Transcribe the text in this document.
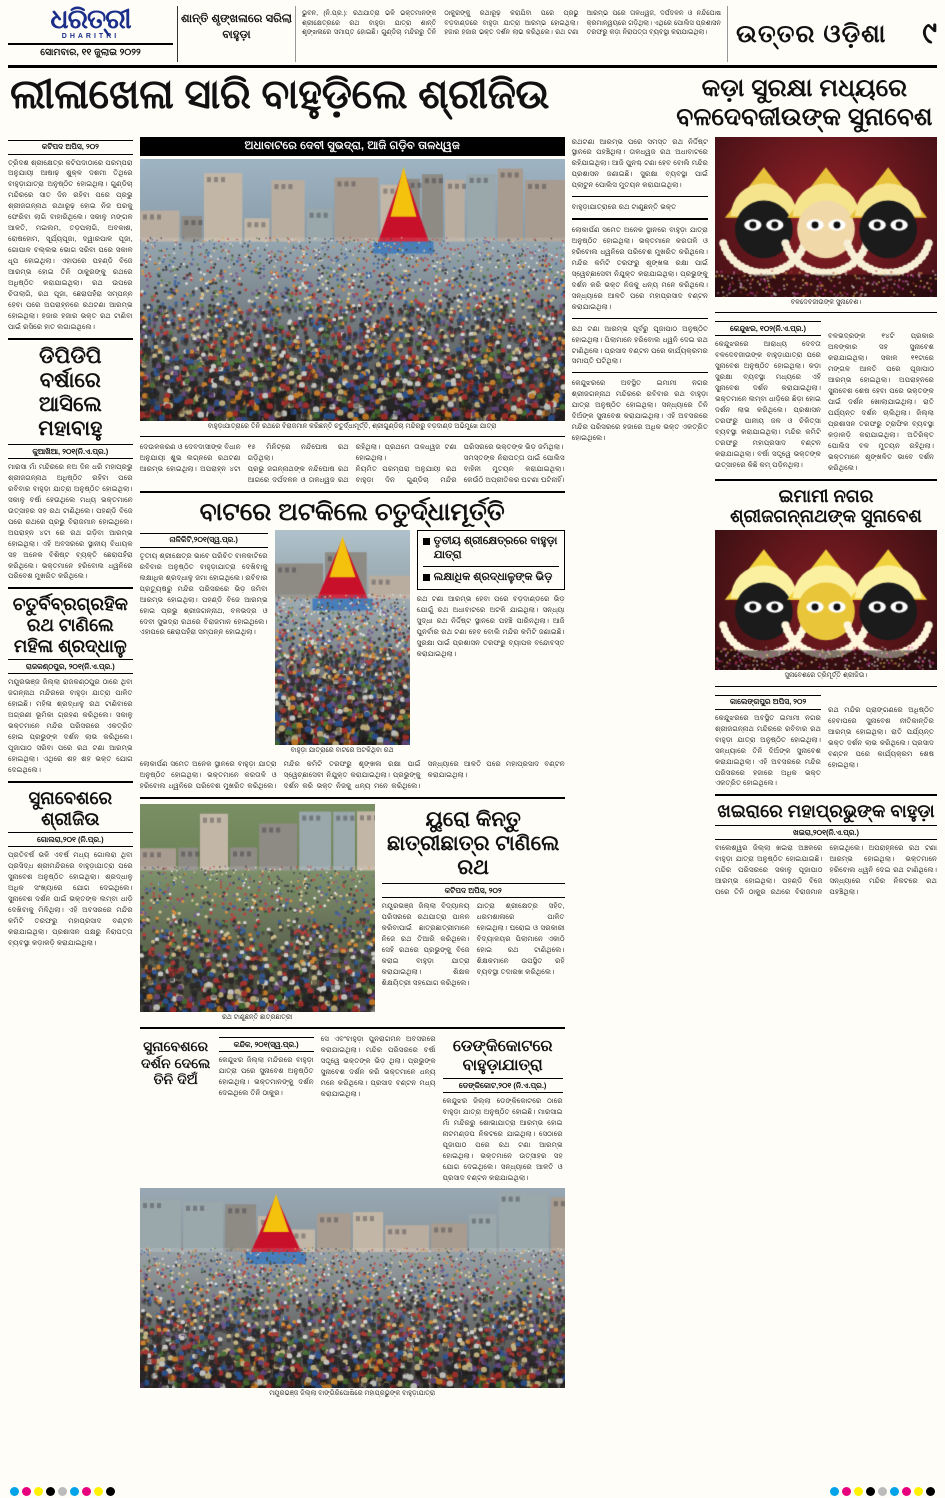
ଧରିତ୍ରୀ
DHARITRI
ସୋମବାର, ୧୧ ଜୁଲାଇ ୨୦୨୨
ଶାନ୍ତି ଶୃଙ୍ଖଳାରେ ସରିଲା ବାହୁଡ଼ା
ଭୁବନ, (ନି.ପ୍ର.): ରଥଯାତ୍ରା ଭଳି ଭକ୍ତମାନଙ୍କ ଶ୍ରୀକ୍ଷେତ୍ରରେ ରଥ ବାହୁଡ଼ା ଯାତ୍ରା ଶାନ୍ତି ଶୃଙ୍ଖଳାରେ ସମାପ୍ତ ହୋଇଛି। ଗୁଣ୍ଡିଚା ମନ୍ଦିରରୁ ତିନି ଠାକୁରଙ୍କୁ ରଥାରୂଢ଼ କରାଯିବା ପରେ ପ୍ରଭୁ ବଡ଼ଦାଣ୍ଡରେ ବାହୁଡ଼ା ଯାତ୍ରା ଆରମ୍ଭ ହୋଇଥିଲା। ହଜାର ହଜାର ଭକ୍ତ ଦର୍ଶନ ଲାଭ କରିଥିଲେ। ରଥ ଟଣା ଆରମ୍ଭ ପରେ ତାଳଧ୍ୱଜ, ଦର୍ପଦଳନ ଓ ନନ୍ଦିଘୋଷ କ୍ରମାନ୍ୱୟରେ ଗଡ଼ିଥିଲା। ଏଥିରେ ପୋଲିସ ପ୍ରଶାସନ ତରଫରୁ କଡ଼ା ନିରାପତ୍ତା ବ୍ୟବସ୍ଥା କରାଯାଇଥିଲା।	ଉତ୍ତର ଓଡ଼ିଶା ୯
ଲୀଳାଖେଳା ସାରି ବାହୁଡ଼ିଲେ ଶ୍ରୀଜିଉ	କଡ଼ା ସୁରକ୍ଷା ମଧ୍ୟରେ ବଳଦେବଜୀଉଙ୍କ ସୁନାବେଶ
କଟିପଦ ଅପିସ, ୨୦୨
ତ୍ରିଦଶ ଶ୍ରୀକ୍ଷେତ୍ର କଟିପଦାଠାରେ ପରମ୍ପରା ଅନୁଯାୟୀ ଆଷାଢ଼ ଶୁକ୍ଳ ଦଶମୀ ତିଥିରେ ବାହୁଡ଼ାଯାତ୍ରା ଅନୁଷ୍ଠିତ ହୋଇଥିଲା। ଗୁଣ୍ଡିଚା ମନ୍ଦିରରେ ସାତ ଦିନ ରହିବା ପରେ ପ୍ରଭୁ ଶ୍ରୀଜଗନ୍ନାଥ ରଥାରୂଢ଼ ହୋଇ ନିଜ ଘରକୁ ଫେରିବା ଲାଗି ବାହାରିଥିଲେ। ସକାଳୁ ମଙ୍ଗଳ ଆଳତି, ମଇଲମ, ତଡ଼ପଲାଗି, ଅବକାଶ, ରୋଷହୋମ, ସୂର୍ଯ୍ୟପୂଜା, ଦ୍ୱାରପାଳ ପୂଜା, ଗୋପାଳ ବଲ୍ଲଭ ଭୋଗ ସରିବା ପରେ ସକାଳ ଧୂପ ହୋଇଥିଲା। ଏହାପରେ ପହଣ୍ଡି ବିଜେ ଆରମ୍ଭ ହୋଇ ତିନି ଠାକୁରଙ୍କୁ ରଥରେ ଅଧିଷ୍ଠିତ କରାଯାଇଥିଲା। ରଥ ଉପରେ ଚିତାଲାଗି, ରଥ ପୂଜା, ଛେରାପହଁରା ସମ୍ପନ୍ନ ହେବା ପରେ ଅପରାହ୍ନରେ ରଥଟଣା ଆରମ୍ଭ ହୋଇଥିଲା। ହଜାର ହଜାର ଭକ୍ତ ରଥ ଟାଣିବା ପାଇଁ ରସିରେ ହାତ ଲଗାଇଥିଲେ।
ଡିପିଡିପି ବର୍ଷାରେ ଆସିଲେ ମହାବାହୁ
କୁଆଖିଆ, ୨୦୧(ନି.ଏ.ପ୍ର.)
ମାରସା ମାଁ ମନ୍ଦିରରେ ନଅ ଦିନ ଧରି ମହାପ୍ରଭୁ ଶ୍ରୀଜଗନ୍ନାଥ ଅଧିଷ୍ଠିତ ରହିବା ପରେ ରବିବାର ବାହୁଡ଼ା ଯାତ୍ରା ଅନୁଷ୍ଠିତ ହୋଇଥିଲା। ସକାଳୁ ବର୍ଷା ହେଉଥିଲେ ମଧ୍ୟ ଭକ୍ତମାନେ ଉତ୍ସାହର ସହ ରଥ ଟାଣିଥିଲେ। ପହଣ୍ଡି ବିଜେ ପରେ ରଥରେ ପ୍ରଭୁ ବିରାଜମାନ ହୋଇଥିଲେ। ଅପରାହ୍ନ ୪ଟା ରେ ରଥ ଗଡ଼ିବା ଆରମ୍ଭ ହୋଇଥିଲା। ଏହି ଅବସରରେ ସ୍ଥାନୀୟ ବିଧାୟକ ସହ ଅନେକ ବିଶିଷ୍ଟ ବ୍ୟକ୍ତି ଛେରାପହଁରା କରିଥିଲେ। ଭକ୍ତମାନେ ହରିବୋଲ ଧ୍ୱନିରେ ପରିବେଶ ମୁଖରିତ କରିଥିଲେ।
ଚତୁର୍ବିବ୍ରଗ୍ରହିକ ରଥ ଟାଣିଲେ ମହିଳା ଶ୍ରଦ୍ଧାଳୁ
ରାଜକଣ୍ଠପୁର, ୨୦୧(ନି.ଏ.ପ୍ର.)
ମୟୂରଭଞ୍ଜ ଜିଲ୍ଲା ରାଜକଣ୍ଠପୁର ଠାରେ ଥିବା ଜଗନ୍ନାଥ ମନ୍ଦିରରେ ବାହୁଡ଼ା ଯାତ୍ରା ପାଳିତ ହୋଇଛି। ମହିଳା ଶ୍ରଦ୍ଧାଳୁ ରଥ ଟାଣିବାରେ ଅଗ୍ରଣୀ ଭୂମିକା ଗ୍ରହଣ କରିଥିଲେ। ସକାଳୁ ଭକ୍ତମାନେ ମନ୍ଦିର ପରିସରରେ ଏକତ୍ରିତ ହୋଇ ପ୍ରଭୁଙ୍କ ଦର୍ଶନ ଲାଭ କରିଥିଲେ। ପୂଜାପାଠ ସରିବା ପରେ ରଥ ଟଣା ଆରମ୍ଭ ହୋଇଥିଲା। ଏଥିରେ ଶହ ଶହ ଭକ୍ତ ଯୋଗ ଦେଇଥିଲେ।
ସୁନାବେଶରେ ଶ୍ରୀଜିଉ
ଗୋଲରା,୨୦୧ (ନି.ପ୍ର.)
ପ୍ରତିବର୍ଷ ଭଳି ଏବର୍ଷ ମଧ୍ୟ ଗୋଲରା ଥିବା ପ୍ରସିଦ୍ଧ ଶ୍ରୀମନ୍ଦିରରେ ବାହୁଡ଼ାଯାତ୍ରା ପରେ ସୁନାବେଶ ଅନୁଷ୍ଠିତ ହୋଇଥିଲା। ଶ୍ରଦ୍ଧାଳୁ ଅଧିକ ସଂଖ୍ୟାରେ ଯୋଗ ଦେଇଥିଲେ। ସୁନାବେଶ ଦର୍ଶନ ପାଇଁ ଭକ୍ତଙ୍କ ଲମ୍ବା ଧାଡ଼ି ଦେଖିବାକୁ ମିଳିଥିଲା। ଏହି ଅବସରରେ ମନ୍ଦିର କମିଟି ତରଫରୁ ମହାପ୍ରସାଦ ବଣ୍ଟନ କରାଯାଇଥିଲା। ପ୍ରଶାସନ ପକ୍ଷରୁ ନିରାପତ୍ତା ବ୍ୟବସ୍ଥା କଡ଼ାକଡ଼ି କରାଯାଇଥିଲା।
ଅଧାବାଟରେ ଦେବୀ ସୁଭଦ୍ରା, ଆଜି ଗଡ଼ିବ ତାଳଧ୍ୱଜ
ବାହୁଡ଼ାଯାତ୍ରାରେ ତିନି ରଥରେ ବିରାଜମାନ କରିଛନ୍ତି ଚତୁର୍ଦ୍ଧାମୂର୍ତ୍ତି, ଶ୍ରୀଗୁଣ୍ଡିଚା ମନ୍ଦିରରୁ ବଡ଼ଦାଣ୍ଡ ଅଭିମୁଖେ ଯାତ୍ରା
ଦେଉଳକରଣ ଓ ଦେବଦାସୀଙ୍କ ବିଧାନ ଅନୁଯାୟୀ ଶୁଭ ଲଗ୍ନରେ ରଥଟଣା ଆରମ୍ଭ ହୋଇଥିଲା। ଅପରାହ୍ନ ୪ଟା ୧୫ ମିନିଟ୍‌ରେ ନନ୍ଦିଘୋଷ ରଥ ଗଡ଼ିଥିଲା।
ପ୍ରଭୁ ଜଗନ୍ନାଥଙ୍କ ନନ୍ଦିଘୋଷ ରଥ ଆଗରେ ଦର୍ପଦଳନ ଓ ତାଳଧ୍ୱଜ ରଥ ରହିଥିଲା। ପ୍ରଥମେ ତାଳଧ୍ୱଜ ଟଣା ହୋଇଥିଲା।
ନିୟମିତ ପରମ୍ପରା ଅନୁଯାୟୀ ରଥ ବାହୁଡ଼ା ଦିନ ଗୁଣ୍ଡିଚା ମନ୍ଦିର ପରିସରରେ ଭକ୍ତଙ୍କ ଭିଡ଼ ଜମିଥିଲା।
ସମସ୍ତଙ୍କ ନିରାପତ୍ତା ପାଇଁ ପୋଲିସ ବାହିନୀ ମୁତୟନ କରାଯାଇଥିଲା। କେଉଁଠି ଅପ୍ରୀତିକର ଘଟଣା ଘଟିନାହିଁ।
ବାଟରେ ଅଟକିଲେ ଚତୁର୍ଦ୍ଧାମୂର୍ତ୍ତି
ନାଳିକିଟି,୨୦୧(ସ୍ୱ.ପ୍ର.)
ତୃତୀୟ ଶ୍ରୀକ୍ଷେତ୍ର ଭାବେ ପରିଚିତ ବାଳକାଟିରେ ରବିବାର ଅନୁଷ୍ଠିତ ବାହୁଡ଼ାଯାତ୍ରା ଦେଖିବାକୁ ଲକ୍ଷାଧିକ ଶ୍ରଦ୍ଧାଳୁ ଜମା ହୋଇଥିଲେ। ରବିବାର ପ୍ରତ୍ୟୁଷରୁ ମନ୍ଦିର ପରିସରରେ ଭିଡ଼ ଜମିବା ଆରମ୍ଭ ହୋଇଥିଲା। ପହଣ୍ଡି ବିଜେ ଆରମ୍ଭ ହୋଇ ପ୍ରଭୁ ଶ୍ରୀଜଗନ୍ନାଥ, ବଳଭଦ୍ର ଓ ଦେବୀ ସୁଭଦ୍ରା ରଥରେ ବିରାଜମାନ ହୋଇଥିଲେ। ଏହାପରେ ଛେରାପହଁରା ସମ୍ପନ୍ନ ହୋଇଥିଲା।
ବାହୁଡ଼ା ଯାତ୍ରାରେ ବାଟରେ ଅଟକିଥିବା ରଥ
ତୃତୀୟ ଶ୍ରୀକ୍ଷେତ୍ରରେ ବାହୁଡ଼ା ଯାତ୍ରା
ଲକ୍ଷାଧିକ ଶ୍ରଦ୍ଧାଳୁଙ୍କ ଭିଡ଼
ରଥ ଟଣା ଆରମ୍ଭ ହେବା ପରେ ବଡ଼ଦାଣ୍ଡରେ ଭିଡ଼ ଯୋଗୁଁ ରଥ ଅଧାବାଟରେ ଅଟକି ଯାଇଥିଲା। ସନ୍ଧ୍ୟା ସୁଦ୍ଧା ରଥ ନିର୍ଦ୍ଦିଷ୍ଟ ସ୍ଥାନରେ ପହଞ୍ଚି ପାରିନଥିଲା। ଆଜି ପୁନର୍ବାର ରଥ ଟଣା ହେବ ବୋଲି ମନ୍ଦିର କମିଟି ଜଣାଇଛି। ସୁରକ୍ଷା ପାଇଁ ପ୍ରଶାସନ ତରଫରୁ ବ୍ୟାପକ ବନ୍ଦୋବସ୍ତ କରାଯାଇଥିଲା।
ଲୋକାର୍ପଣ ସମେତ ଅନେକ ସ୍ଥାନରେ ବାହୁଡ଼ା ଯାତ୍ରା ଅନୁଷ୍ଠିତ ହୋଇଥିଲା। ଭକ୍ତମାନେ କରତାଳି ଓ ହରିବୋଲ ଧ୍ୱନିରେ ପରିବେଶ ମୁଖରିତ କରିଥିଲେ। ମନ୍ଦିର କମିଟି ତରଫରୁ ଶୃଙ୍ଖଳା ରକ୍ଷା ପାଇଁ ସ୍ୱେଚ୍ଛାସେବୀ ନିଯୁକ୍ତ କରାଯାଇଥିଲା। ପ୍ରଭୁଙ୍କୁ ଦର୍ଶନ କରି ଭକ୍ତ ନିଜକୁ ଧନ୍ୟ ମନେ କରିଥିଲେ। ସନ୍ଧ୍ୟାରେ ଆଳତି ପରେ ମହାପ୍ରସାଦ ବଣ୍ଟନ କରାଯାଇଥିଲା।
ରଥ ଟାଣୁଛନ୍ତି ଛାତ୍ରଛାତ୍ରୀ
ୟୁରୋ କିନ୍ତୁ ଛାତ୍ରୀଛାତ୍ର ଟାଣିଲେ ରଥ
କଟିପଦ ଅପିସ, ୨୦୨
ମୟୂରଭଞ୍ଜ ଜିଲ୍ଲା ବିଦ୍ୟାଳୟ ପରିସରରେ ରଥଯାତ୍ରା ପାଳନ କରିବାପାଇଁ ଛାତ୍ରଛାତ୍ରୀମାନେ ନିଜେ ରଥ ତିଆରି କରିଥିଲେ। ସେହି ରଥରେ ପ୍ରଭୁଙ୍କୁ ବିଜେ କରାଇ ବାହୁଡ଼ା ଯାତ୍ରା କରାଯାଇଥିଲା। ଶିକ୍ଷକ ଶିକ୍ଷୟିତ୍ରୀ ସହଯୋଗ କରିଥିଲେ। ଯାତ୍ରା ଶ୍ରୀକ୍ଷେତ୍ର ସହିତ, ଧରମଶାଳାରେ ପାଳିତ ହୋଇଥିଲା। ଘରୋଇ ଓ ସରକାରୀ ବିଦ୍ୟାଳୟର ପିଲାମାନେ ଏକାଠି ହୋଇ ରଥ ଟାଣିଥିଲେ। ଶିକ୍ଷକମାନେ ଉପସ୍ଥିତ ରହି ବ୍ୟବସ୍ଥା ତଦାରଖ କରିଥିଲେ।
ସୁନାବେଶରେ ଦର୍ଶନ ଦେଲେ ତିନି ଦିଅଁ
କନ୍ଦିକ, ୨୦୧(ସ୍ୱ.ପ୍ର.)
କେନ୍ଦୁଝର ଜିଲ୍ଲା ମନ୍ଦିରରେ ବାହୁଡ଼ା ଯାତ୍ରା ପରେ ସୁନାବେଶ ଅନୁଷ୍ଠିତ ହୋଇଥିଲା। ଭକ୍ତମାନଙ୍କୁ ଦର୍ଶନ ଦେଇଥିଲେ ତିନି ଠାକୁର।
ସେ ଏବଂବାହୁଡ଼ା ପୁନରାଗମନ ଅବସରରେ କରାଯାଇଥିଲା। ମନ୍ଦିର ପରିସରରେ ବର୍ଷା ସତ୍ତ୍ୱେ ଭକ୍ତଙ୍କ ଭିଡ଼ ଥିଲା। ପ୍ରଭୁଙ୍କ ସୁନାବେଶ ଦର୍ଶନ କରି ଭକ୍ତମାନେ ଧନ୍ୟ ମନେ କରିଥିଲେ। ପ୍ରସାଦ ବଣ୍ଟନ ମଧ୍ୟ କରାଯାଇଥିଲା।
ଡେଙ୍କିକୋଟରେ ବାହୁଡ଼ାଯାତ୍ରା
ଡେଙ୍କିକୋଟ,୨୦୧ (ନି.ଏ.ପ୍ର.)
କେନ୍ଦୁଝର ଜିଲ୍ଲା ଡେଙ୍କିକୋଟରେ ଠାରେ ବାହୁଡ଼ା ଯାତ୍ରା ଅନୁଷ୍ଠିତ ହୋଇଛି। ମାରସାଇ ମାଁ ମନ୍ଦିରରୁ ଶୋଭାଯାତ୍ରା ଆରମ୍ଭ ହୋଇ ନାଟମଣ୍ଡପ ନିକଟରେ ଯାଇଥିଲା। ସେଠାରେ ପୂଜାପାଠ ପରେ ରଥ ଟଣା ଆରମ୍ଭ ହୋଇଥିଲା। ଭକ୍ତମାନେ ଉତ୍ସାହର ସହ ଯୋଗ ଦେଇଥିଲେ। ସନ୍ଧ୍ୟାରେ ଆଳତି ଓ ପ୍ରସାଦ ବଣ୍ଟନ କରାଯାଇଥିଲା।
ମୟୂରଭଞ୍ଜ ଜିଲ୍ଲା ବାଙ୍ଗିରିପୋଷିରେ ମହାପ୍ରଭୁଙ୍କ ବାହୁଡ଼ାଯାତ୍ରା
ରଥଟଣା ଆରମ୍ଭ ପରେ ସମସ୍ତ ରଥ ନିର୍ଦ୍ଦିଷ୍ଟ ସ୍ଥାନରେ ପହଞ୍ଚିଥିଲା। ତାଳଧ୍ୱଜ ରଥ ଅଧାବାଟରେ ରହିଯାଇଥିଲା। ଆଜି ପୁନଶ୍ଚ ଟଣା ହେବ ବୋଲି ମନ୍ଦିର ପ୍ରଶାସନ ଜଣାଇଛି। ସୁରକ୍ଷା ବ୍ୟବସ୍ଥା ପାଇଁ ପ୍ଲାଟୁନ ପୋଲିସ ମୁତୟନ କରାଯାଇଥିଲା।
ବାହୁଡ଼ାଯାତ୍ରାରେ ରଥ ଟାଣୁଛନ୍ତି ଭକ୍ତ
ଲୋକାର୍ପଣ ସମେତ ଅନେକ ସ୍ଥାନରେ ବାହୁଡ଼ା ଯାତ୍ରା ଅନୁଷ୍ଠିତ ହୋଇଥିଲା। ଭକ୍ତମାନେ କରତାଳି ଓ ହରିବୋଲ ଧ୍ୱନିରେ ପରିବେଶ ମୁଖରିତ କରିଥିଲେ। ମନ୍ଦିର କମିଟି ତରଫରୁ ଶୃଙ୍ଖଳା ରକ୍ଷା ପାଇଁ ସ୍ୱେଚ୍ଛାସେବୀ ନିଯୁକ୍ତ କରାଯାଇଥିଲା। ପ୍ରଭୁଙ୍କୁ ଦର୍ଶନ କରି ଭକ୍ତ ନିଜକୁ ଧନ୍ୟ ମନେ କରିଥିଲେ। ସନ୍ଧ୍ୟାରେ ଆଳତି ପରେ ମହାପ୍ରସାଦ ବଣ୍ଟନ କରାଯାଇଥିଲା।
ରଥ ଟଣା ଆରମ୍ଭ ପୂର୍ବରୁ ପୂଜାପାଠ ଅନୁଷ୍ଠିତ ହୋଇଥିଲା। ପିଲାମାନେ ହରିବୋଲ ଧ୍ୱନି ଦେଇ ରଥ ଟାଣିଥିଲେ। ପ୍ରସାଦ ବଣ୍ଟନ ପରେ କାର୍ଯ୍ୟକ୍ରମର ସମାପ୍ତି ଘଟିଥିଲା।
କେନ୍ଦୁଝରରେ ଅବସ୍ଥିତ ଇମାମୀ ନଗର ଶ୍ରୀଜଗନ୍ନାଥ ମନ୍ଦିରରେ ରବିବାର ରଥ ବାହୁଡ଼ା ଯାତ୍ରା ଅନୁଷ୍ଠିତ ହୋଇଥିଲା। ସନ୍ଧ୍ୟାରେ ତିନି ଦିଅଁଙ୍କ ସୁନାବେଶ କରାଯାଇଥିଲା। ଏହି ଅବସରରେ ମନ୍ଦିର ପରିସରରେ ହଜାରେ ଅଧିକ ଭକ୍ତ ଏକତ୍ରିତ ହୋଇଥିଲେ।
ବଳଦେବଜୀଉଙ୍କ ସୁନାବେଶ।
କେନ୍ଦୁଝର, ୧୦୨(ନି.ଏ.ପ୍ର.)
କେନ୍ଦୁଝରରେ ଆରାଧ୍ୟ ଦେବତା ବଳଦେବଜୀଉଙ୍କ ବାହୁଡ଼ାଯାତ୍ରା ପରେ ସୁନାବେଶ ଅନୁଷ୍ଠିତ ହୋଇଥିଲା। କଡ଼ା ସୁରକ୍ଷା ବ୍ୟବସ୍ଥା ମଧ୍ୟରେ ଏହି ସୁନାବେଶ ଦର୍ଶନ କରାଯାଇଥିଲା। ଭକ୍ତମାନେ ଲମ୍ବା ଧାଡ଼ିରେ ଛିଡ଼ା ହୋଇ ଦର୍ଶନ ଲାଭ କରିଥିଲେ। ପ୍ରଶାସନ ତରଫରୁ ପାନୀୟ ଜଳ ଓ ଚିକିତ୍ସା ବ୍ୟବସ୍ଥା କରାଯାଇଥିଲା। ମନ୍ଦିର କମିଟି ତରଫରୁ ମହାପ୍ରସାଦ ବଣ୍ଟନ କରାଯାଇଥିଲା। ବର୍ଷା ସତ୍ତ୍ୱେ ଭକ୍ତଙ୍କ ଉତ୍ସାହରେ କିଛି କମ୍ ପଡ଼ିନଥିଲା।
ବଳଭଦ୍ରଙ୍କ ୧୪ଟି ପ୍ରକାର ଅଳଙ୍କାର ସହ ସୁନାବେଶ କରାଯାଇଥିଲା। ସକାଳ ୧୧ଟାରେ ମଙ୍ଗଳ ଆଳତି ପରେ ପୂଜାପାଠ ଆରମ୍ଭ ହୋଇଥିଲା। ଅପରାହ୍ନରେ ସୁନାବେଶ ଶେଷ ହେବା ପରେ ଭକ୍ତଙ୍କ ପାଇଁ ଦର୍ଶନ ଖୋଲାଯାଇଥିଲା। ରାତି ପର୍ଯ୍ୟନ୍ତ ଦର୍ଶନ ଚାଲିଥିଲା। ଜିଲ୍ଲା ପ୍ରଶାସନ ତରଫରୁ ଟ୍ରାଫିକ ବ୍ୟବସ୍ଥା କଡ଼ାକଡ଼ି କରାଯାଇଥିଲା। ଅତିରିକ୍ତ ପୋଲିସ ବଳ ମୁତୟନ ରହିଥିଲା। ଭକ୍ତମାନେ ଶୃଙ୍ଖଳିତ ଭାବେ ଦର୍ଶନ କରିଥିଲେ।
ଇମାମୀ ନଗର ଶ୍ରୀଜଗନ୍ନାଥଙ୍କ ସୁନାବେଶ
ସୁନାବେଶରେ ତ୍ରିମୂର୍ତ୍ତି ଶ୍ରୀଜିଉ।
କାଲେଙ୍ଗପୁର ଅପିସ, ୨୦୨
କେନ୍ଦୁଝରରେ ଅବସ୍ଥିତ ଇମାମୀ ନଗର ଶ୍ରୀଜଗନ୍ନାଥ ମନ୍ଦିରରେ ରବିବାର ରଥ ବାହୁଡ଼ା ଯାତ୍ରା ଅନୁଷ୍ଠିତ ହୋଇଥିଲା। ସନ୍ଧ୍ୟାରେ ତିନି ଦିଅଁଙ୍କ ସୁନାବେଶ କରାଯାଇଥିଲା। ଏହି ଅବସରରେ ମନ୍ଦିର ପରିସରରେ ହଜାରେ ଅଧିକ ଭକ୍ତ ଏକତ୍ରିତ ହୋଇଥିଲେ।
ରଥ ମନ୍ଦିର ପ୍ରାଙ୍ଗଣରେ ଅଧିଷ୍ଠିତ ହେବାପରେ ସୁନାବେଶ ନୀତିକାନ୍ତିର ଆରମ୍ଭ ହୋଇଥିଲା। ରାତି ପର୍ଯ୍ୟନ୍ତ ଭକ୍ତ ଦର୍ଶନ ଲାଭ କରିଥିଲେ। ପ୍ରସାଦ ବଣ୍ଟନ ପରେ କାର୍ଯ୍ୟକ୍ରମ ଶେଷ ହୋଇଥିଲା।
ଖଇରାରେ ମହାପ୍ରଭୁଙ୍କ ବାହୁଡ଼ା
ଖଇରା,୨୦୧(ନି.ଏ.ପ୍ର.)
ବାଲେଶ୍ୱର ଜିଲ୍ଲା ଖଇରା ଅଞ୍ଚଳରେ ବାହୁଡ଼ା ଯାତ୍ରା ଅନୁଷ୍ଠିତ ହୋଇଯାଇଛି। ମନ୍ଦିର ପରିସରରେ ସକାଳୁ ପୂଜାପାଠ ଆରମ୍ଭ ହୋଇଥିଲା। ପହଣ୍ଡି ବିଜେ ପରେ ତିନି ଠାକୁର ରଥରେ ବିରାଜମାନ ହୋଇଥିଲେ। ଅପରାହ୍ନରେ ରଥ ଟଣା ଆରମ୍ଭ ହୋଇଥିଲା। ଭକ୍ତମାନେ ହରିବୋଲ ଧ୍ୱନି ଦେଇ ରଥ ଟାଣିଥିଲେ। ସନ୍ଧ୍ୟାରେ ମନ୍ଦିର ନିକଟରେ ରଥ ପହଞ୍ଚିଥିଲା।
